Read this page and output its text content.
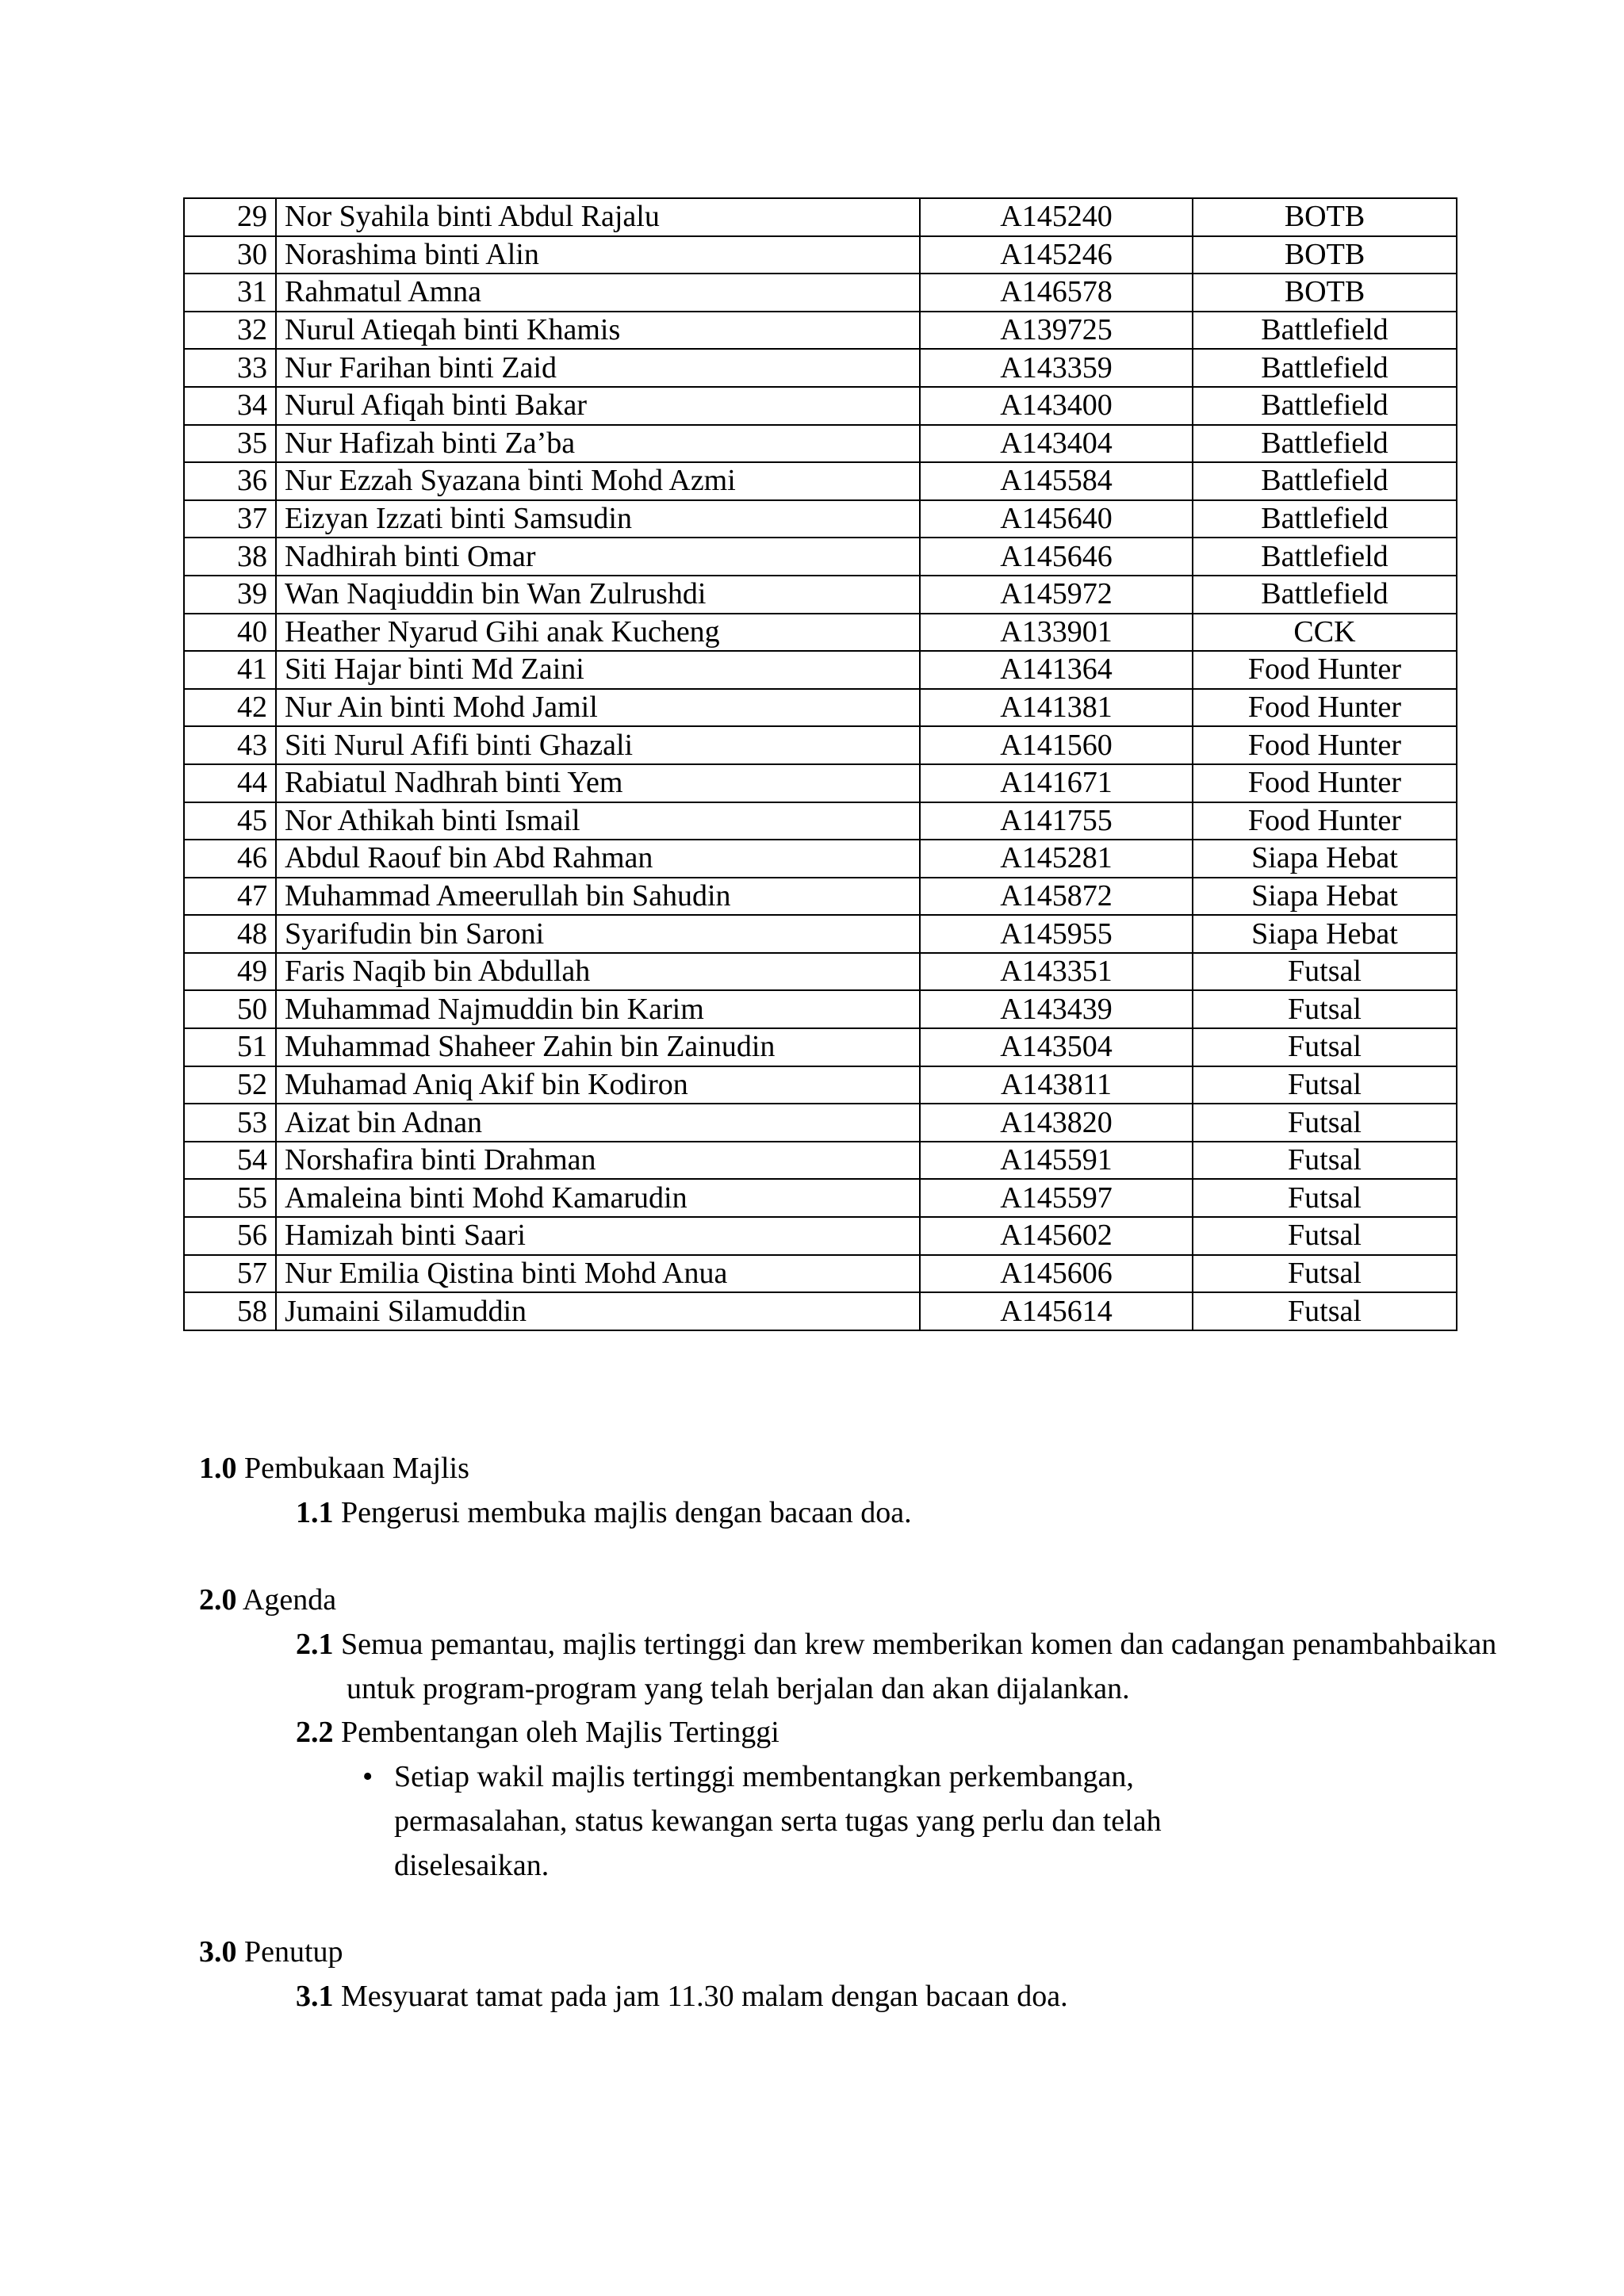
29	Nor Syahila binti Abdul Rajalu	A145240	BOTB
30	Norashima binti Alin	A145246	BOTB
31	Rahmatul Amna	A146578	BOTB
32	Nurul Atieqah binti Khamis	A139725	Battlefield
33	Nur Farihan binti Zaid	A143359	Battlefield
34	Nurul Afiqah binti Bakar	A143400	Battlefield
35	Nur Hafizah binti Za’ba	A143404	Battlefield
36	Nur Ezzah Syazana binti Mohd Azmi	A145584	Battlefield
37	Eizyan Izzati binti Samsudin	A145640	Battlefield
38	Nadhirah binti Omar	A145646	Battlefield
39	Wan Naqiuddin bin Wan Zulrushdi	A145972	Battlefield
40	Heather Nyarud Gihi anak Kucheng	A133901	CCK
41	Siti Hajar binti Md Zaini	A141364	Food Hunter
42	Nur Ain binti Mohd Jamil	A141381	Food Hunter
43	Siti Nurul Afifi binti Ghazali	A141560	Food Hunter
44	Rabiatul Nadhrah binti Yem	A141671	Food Hunter
45	Nor Athikah binti Ismail	A141755	Food Hunter
46	Abdul Raouf bin Abd Rahman	A145281	Siapa Hebat
47	Muhammad Ameerullah bin Sahudin	A145872	Siapa Hebat
48	Syarifudin bin Saroni	A145955	Siapa Hebat
49	Faris Naqib bin Abdullah	A143351	Futsal
50	Muhammad Najmuddin bin Karim	A143439	Futsal
51	Muhammad Shaheer Zahin bin Zainudin	A143504	Futsal
52	Muhamad Aniq Akif bin Kodiron	A143811	Futsal
53	Aizat bin Adnan	A143820	Futsal
54	Norshafira binti Drahman	A145591	Futsal
55	Amaleina binti Mohd Kamarudin	A145597	Futsal
56	Hamizah binti Saari	A145602	Futsal
57	Nur Emilia Qistina binti Mohd Anua	A145606	Futsal
58	Jumaini Silamuddin	A145614	Futsal
1.0 Pembukaan Majlis
1.1 Pengerusi membuka majlis dengan bacaan doa.
2.0 Agenda
2.1 Semua pemantau, majlis tertinggi dan krew memberikan komen dan cadangan penambahbaikan untuk program-program yang telah berjalan dan akan dijalankan.
2.2 Pembentangan oleh Majlis Tertinggi
• Setiap wakil majlis tertinggi membentangkan perkembangan, permasalahan, status kewangan serta tugas yang perlu dan telah diselesaikan.
3.0 Penutup
3.1 Mesyuarat tamat pada jam 11.30 malam dengan bacaan doa.
